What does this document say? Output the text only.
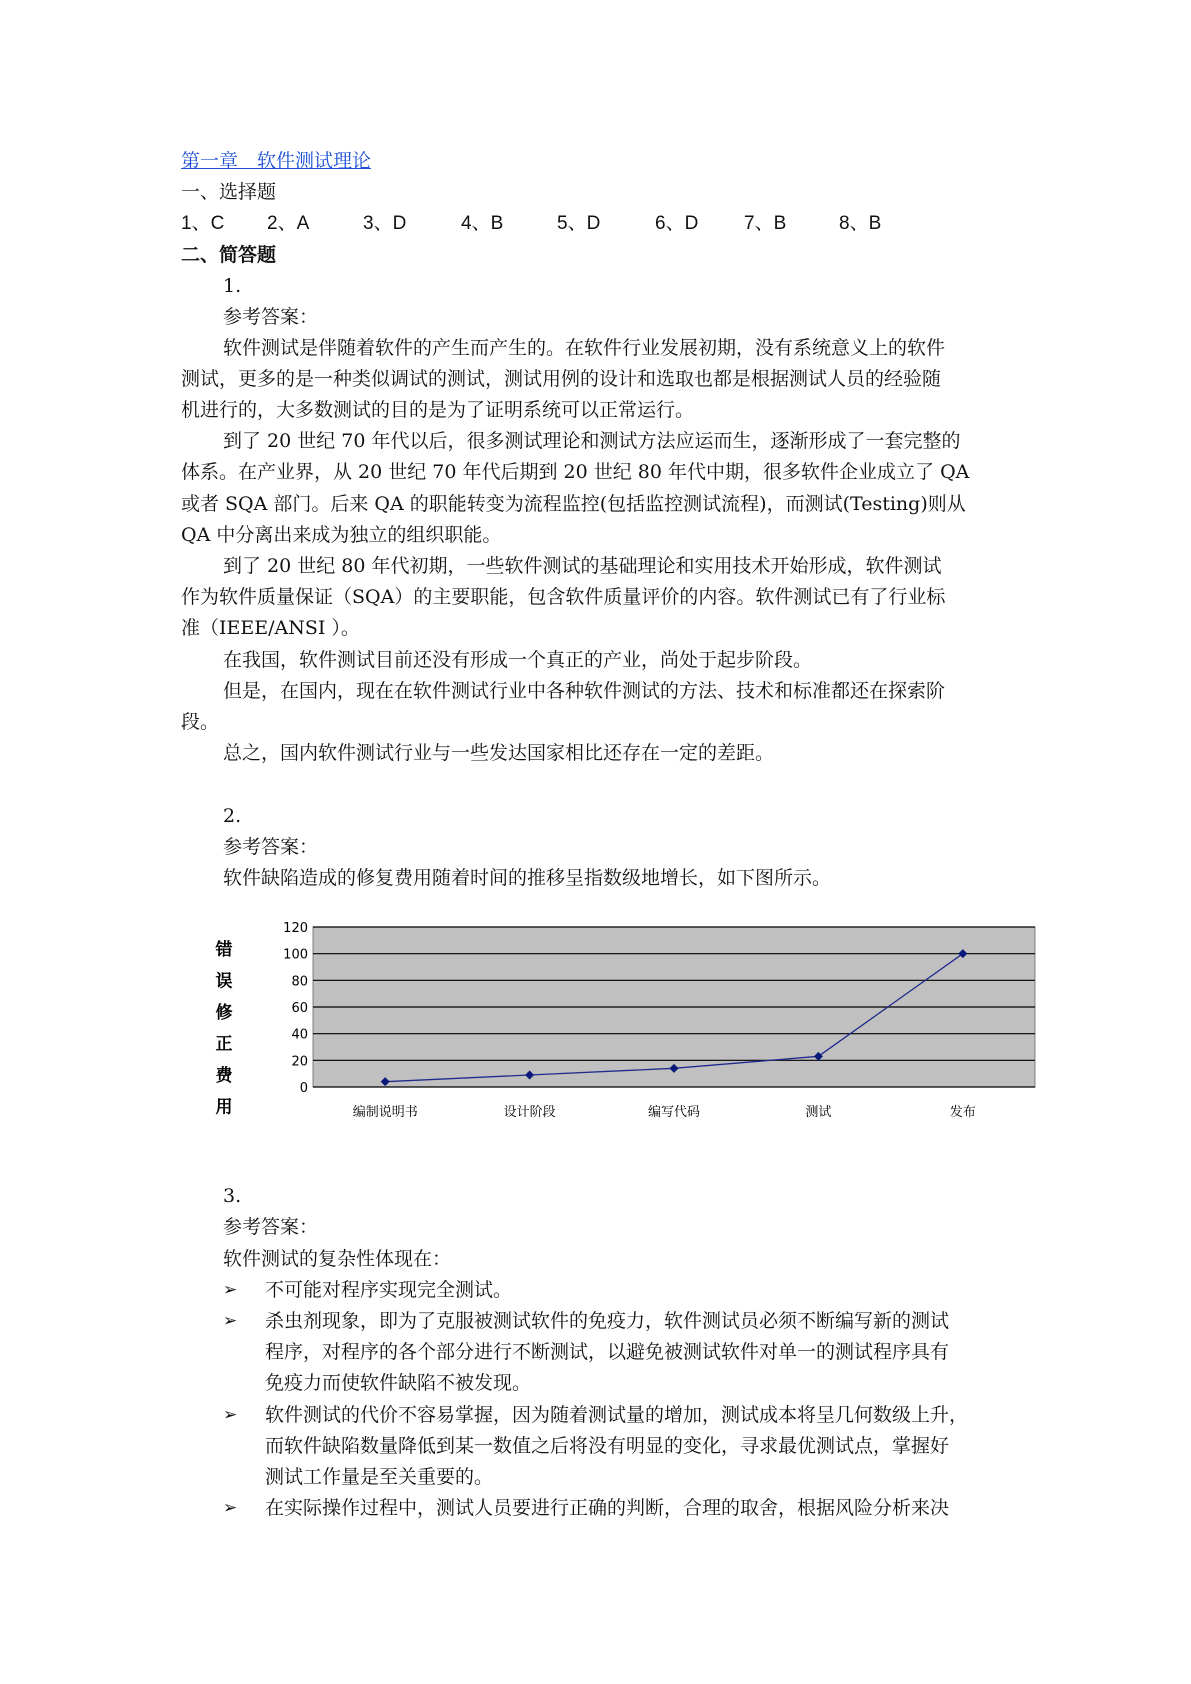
第一章　软件测试理论
一、选择题
1、C 2、A	3、D	4、B	5、D	6、D 7、B	8、B
二、简答题
1.
参考答案：
软件测试是伴随着软件的产生而产生的。在软件行业发展初期，没有系统意义上的软件
测试，更多的是一种类似调试的测试，测试用例的设计和选取也都是根据测试人员的经验随
机进行的，大多数测试的目的是为了证明系统可以正常运行。
到了 20 世纪 70 年代以后，很多测试理论和测试方法应运而生，逐渐形成了一套完整的
体系。在产业界，从 20 世纪 70 年代后期到 20 世纪 80 年代中期，很多软件企业成立了 QA
或者 SQA 部门。后来 QA 的职能转变为流程监控(包括监控测试流程)，而测试(Testing)则从
QA 中分离出来成为独立的组织职能。
到了 20 世纪 80 年代初期，一些软件测试的基础理论和实用技术开始形成，软件测试
作为软件质量保证（SQA）的主要职能，包含软件质量评价的内容。软件测试已有了行业标
准（IEEE/ANSI ）。
在我国，软件测试目前还没有形成一个真正的产业，尚处于起步阶段。
但是，在国内，现在在软件测试行业中各种软件测试的方法、技术和标准都还在探索阶
段。
总之，国内软件测试行业与一些发达国家相比还存在一定的差距。
2.
参考答案：
软件缺陷造成的修复费用随着时间的推移呈指数级地增长，如下图所示。
错
误
修
正
费
用
0
20
40
60
80
100
120
编制说明书	设计阶段	编写代码	测试	发布
3.
参考答案：
软件测试的复杂性体现在：
➢ 不可能对程序实现完全测试。
➢ 杀虫剂现象，即为了克服被测试软件的免疫力，软件测试员必须不断编写新的测试
程序，对程序的各个部分进行不断测试，以避免被测试软件对单一的测试程序具有
免疫力而使软件缺陷不被发现。
➢ 软件测试的代价不容易掌握，因为随着测试量的增加，测试成本将呈几何数级上升，
而软件缺陷数量降低到某一数值之后将没有明显的变化，寻求最优测试点，掌握好
测试工作量是至关重要的。
➢ 在实际操作过程中，测试人员要进行正确的判断，合理的取舍，根据风险分析来决
